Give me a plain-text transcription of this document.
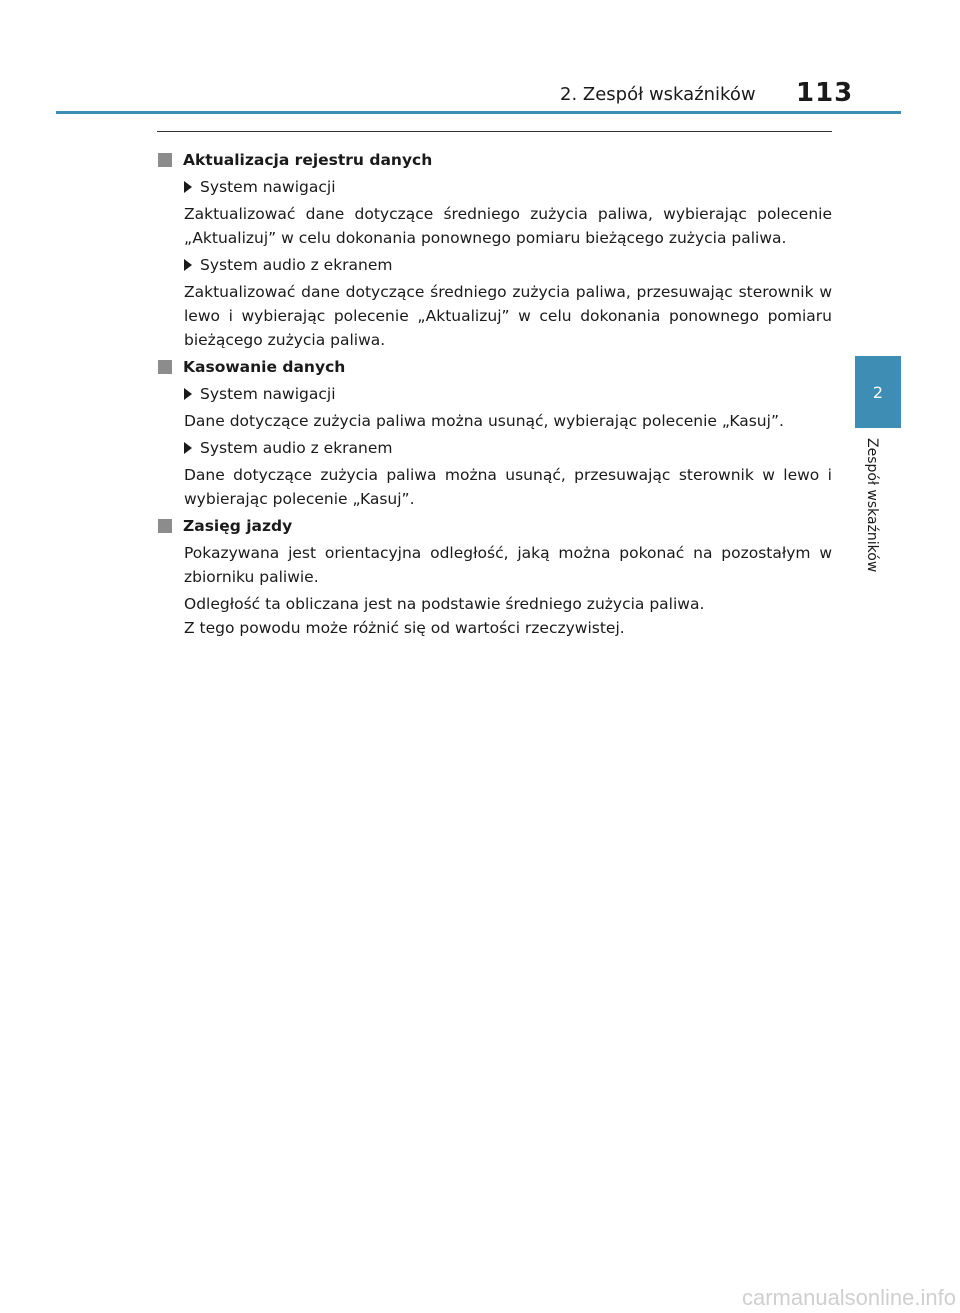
2. Zespół wskaźników 113
2
Zespół wskaźników
Aktualizacja rejestru danych
System nawigacji
Zaktualizować dane dotyczące średniego zużycia paliwa, wybierając polecenie „Aktualizuj” w celu dokonania ponownego pomiaru bieżącego zużycia paliwa.
System audio z ekranem
Zaktualizować dane dotyczące średniego zużycia paliwa, przesuwając sterownik w lewo i wybierając polecenie „Aktualizuj” w celu dokonania ponownego pomiaru bieżącego zużycia paliwa.
Kasowanie danych
System nawigacji
Dane dotyczące zużycia paliwa można usunąć, wybierając polecenie „Kasuj”.
System audio z ekranem
Dane dotyczące zużycia paliwa można usunąć, przesuwając sterownik w lewo i wybierając polecenie „Kasuj”.
Zasięg jazdy
Pokazywana jest orientacyjna odległość, jaką można pokonać na pozostałym w zbiorniku paliwie.
Odległość ta obliczana jest na podstawie średniego zużycia paliwa.
Z tego powodu może różnić się od wartości rzeczywistej.
carmanualsonline.info
